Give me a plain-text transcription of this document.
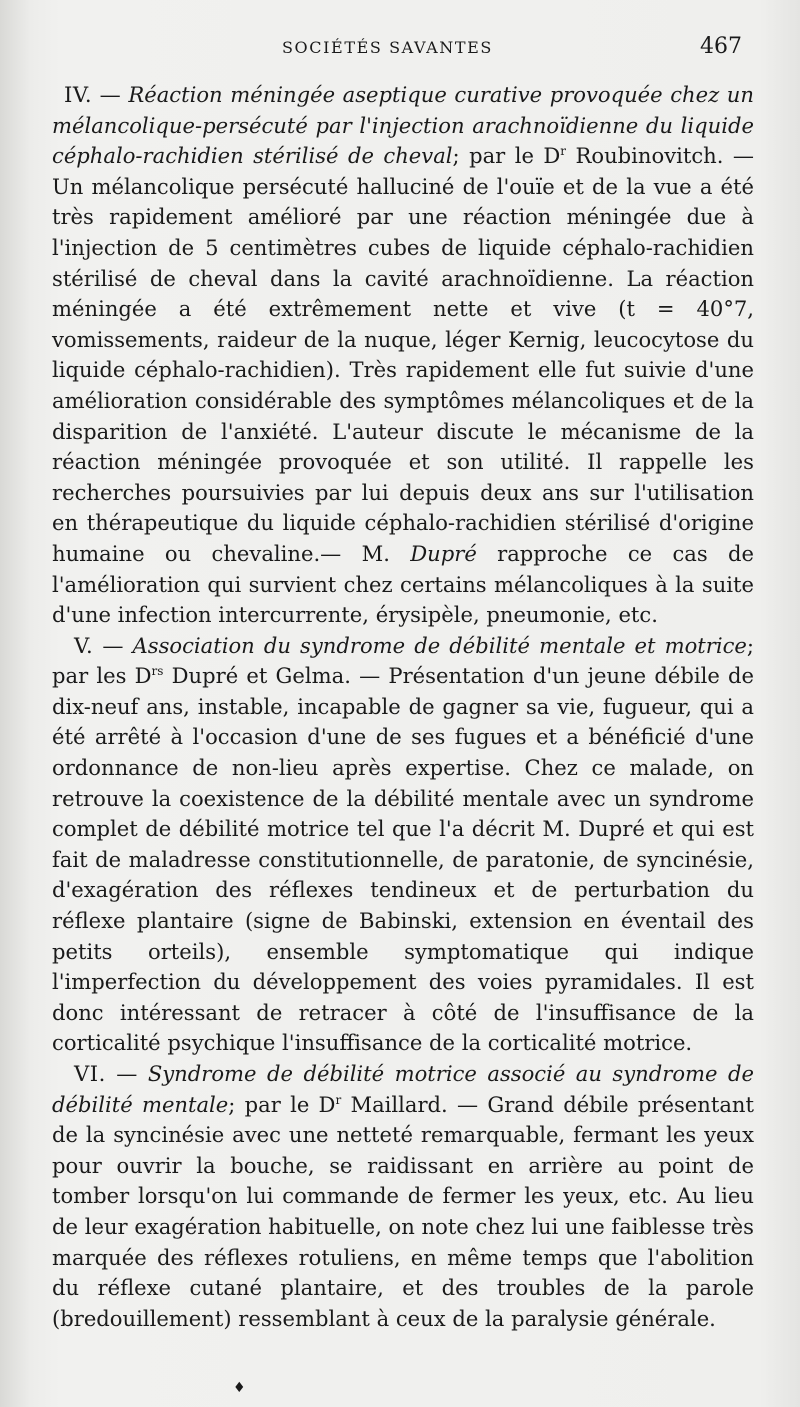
SOCIÉTÉS SAVANTES	467

IV. — Réaction méningée aseptique curative provoquée chez un mélancolique-persécuté par l'injection arachnoïdienne du liquide céphalo-rachidien stérilisé de cheval; par le $D^r$ Roubinovitch. — Un mélancolique persécuté halluciné de l'ouïe et de la vue a été très rapidement amélioré par une réaction méningée due à l'injection de 5 centimètres cubes de liquide céphalo-rachidien stérilisé de cheval dans la cavité arachnoïdienne. La réaction méningée a été extrêmement nette et vive (t = 40°7, vomissements, raideur de la nuque, léger Kernig, leucocytose du liquide céphalo-rachidien). Très rapidement elle fut suivie d'une amélioration considérable des symptômes mélancoliques et de la disparition de l'anxiété. L'auteur discute le mécanisme de la réaction méningée provoquée et son utilité. Il rappelle les recherches poursuivies par lui depuis deux ans sur l'utilisation en thérapeutique du liquide céphalo-rachidien stérilisé d'origine humaine ou chevaline.— M. Dupré rapproche ce cas de l'amélioration qui survient chez certains mélancoliques à la suite d'une infection intercurrente, érysipèle, pneumonie, etc.

V. — Association du syndrome de débilité mentale et motrice; par les $D^{rs}$ Dupré et Gelma. — Présentation d'un jeune débile de dix-neuf ans, instable, incapable de gagner sa vie, fugueur, qui a été arrêté à l'occasion d'une de ses fugues et a bénéficié d'une ordonnance de non-lieu après expertise. Chez ce malade, on retrouve la coexistence de la débilité mentale avec un syndrome complet de débilité motrice tel que l'a décrit M. Dupré et qui est fait de maladresse constitutionnelle, de paratonie, de syncinésie, d'exagération des réflexes tendineux et de perturbation du réflexe plantaire (signe de Babinski, extension en éventail des petits orteils), ensemble symptomatique qui indique l'imperfection du développement des voies pyramidales. Il est donc intéressant de retracer à côté de l'insuffisance de la corticalité psychique l'insuffisance de la corticalité motrice.

VI. — Syndrome de débilité motrice associé au syndrome de débilité mentale; par le $D^r$ Maillard. — Grand débile présentant de la syncinésie avec une netteté remarquable, fermant les yeux pour ouvrir la bouche, se raidissant en arrière au point de tomber lorsqu'on lui commande de fermer les yeux, etc. Au lieu de leur exagération habituelle, on note chez lui une faiblesse très marquée des réflexes rotuliens, en même temps que l'abolition du réflexe cutané plantaire, et des troubles de la parole (bredouillement) ressemblant à ceux de la paralysie générale.

♦
